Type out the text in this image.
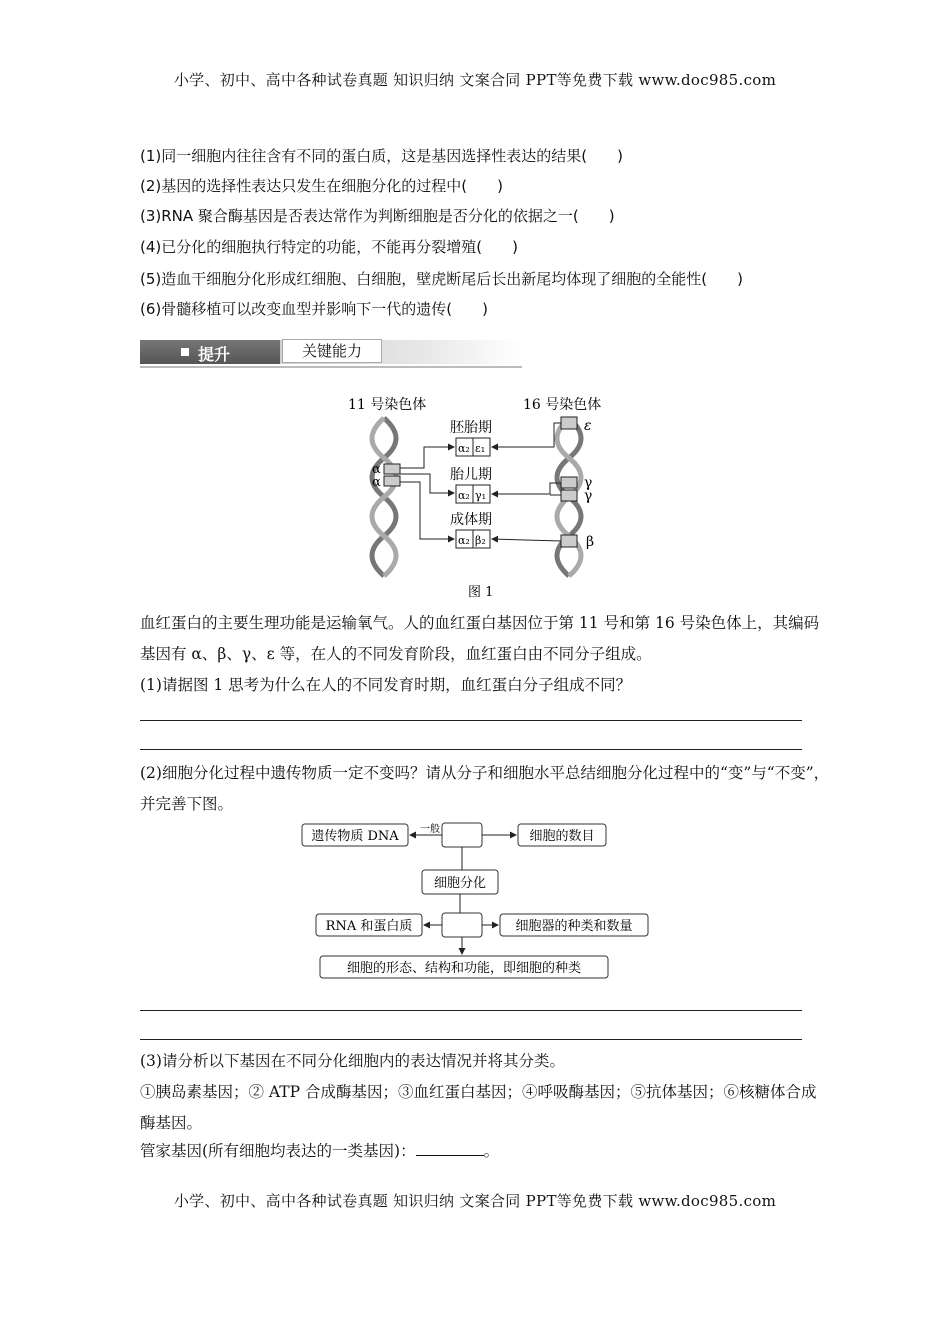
小学、初中、高中各种试卷真题 知识归纳 文案合同 PPT等免费下载 www.doc985.com
(1)同一细胞内往往含有不同的蛋白质，这是基因选择性表达的结果(　　)
(2)基因的选择性表达只发生在细胞分化的过程中(　　)
(3)RNA 聚合酶基因是否表达常作为判断细胞是否分化的依据之一(　　)
(4)已分化的细胞执行特定的功能，不能再分裂增殖(　　)
(5)造血干细胞分化形成红细胞、白细胞，壁虎断尾后长出新尾均体现了细胞的全能性(　　)
(6)骨髓移植可以改变血型并影响下一代的遗传(　　)
提升	关键能力
11 号染色体	16 号染色体
α
α
ε
γ
γ
β
胚胎期
胎儿期
成体期
α₂ ε₁
α₂ γ₁
α₂ β₂
图 1
血红蛋白的主要生理功能是运输氧气。人的血红蛋白基因位于第 11 号和第 16 号染色体上，其编码基因有 α、β、γ、ε 等，在人的不同发育阶段，血红蛋白由不同分子组成。
(1)请据图 1 思考为什么在人的不同发育时期，血红蛋白分子组成不同？
(2)细胞分化过程中遗传物质一定不变吗？请从分子和细胞水平总结细胞分化过程中的“变”与“不变”，并完善下图。
遗传物质 DNA 一般	细胞的数目
细胞分化
RNA 和蛋白质	细胞器的种类和数量
细胞的形态、结构和功能，即细胞的种类
(3)请分析以下基因在不同分化细胞内的表达情况并将其分类。
①胰岛素基因；② ATP 合成酶基因；③血红蛋白基因；④呼吸酶基因；⑤抗体基因；⑥核糖体合成酶基因。
管家基因(所有细胞均表达的一类基因)：	。
小学、初中、高中各种试卷真题 知识归纳 文案合同 PPT等免费下载 www.doc985.com
